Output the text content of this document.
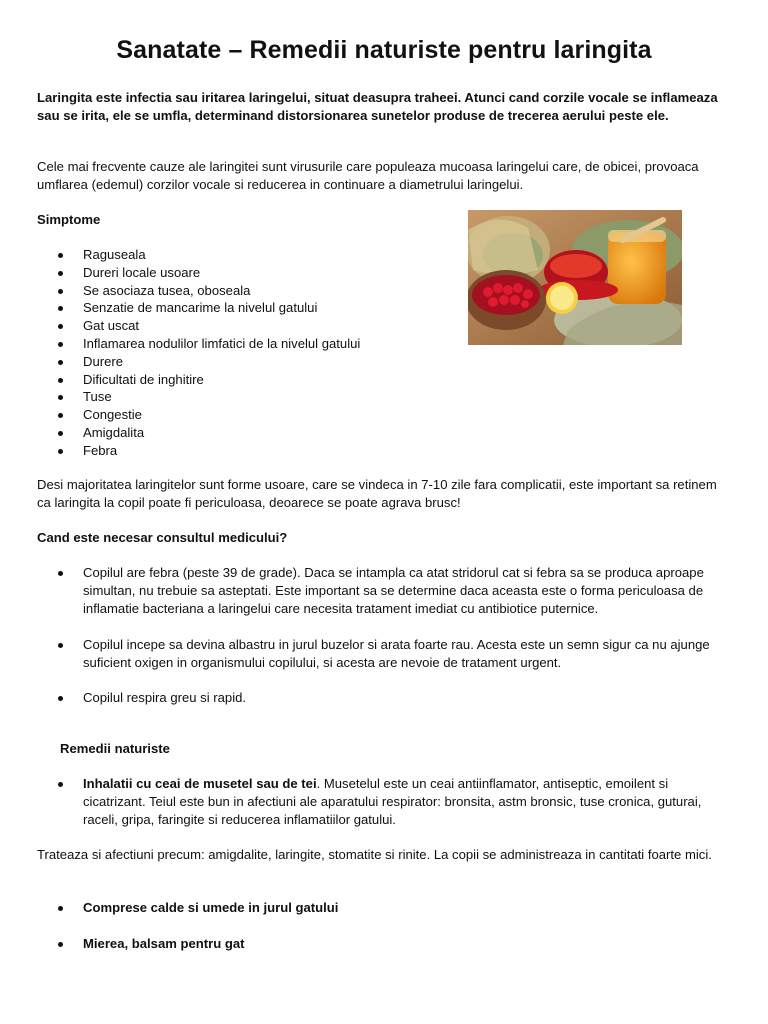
Sanatate – Remedii naturiste pentru laringita

Laringita este infectia sau iritarea laringelui, situat deasupra traheei. Atunci cand corzile vocale se inflameaza sau se irita, ele se umfla, determinand distorsionarea sunetelor produse de trecerea aerului peste ele.

Cele mai frecvente cauze ale laringitei sunt virusurile care populeaza mucoasa laringelui care, de obicei, provoaca umflarea (edemul) corzilor vocale si reducerea in continuare a diametrului laringelui.

Simptome

Raguseala
Dureri locale usoare
Se asociaza tusea, oboseala
Senzatie de mancarime la nivelul gatului
Gat uscat
Inflamarea nodulilor limfatici de la nivelul gatului
Durere
Dificultati de inghitire
Tuse
Congestie
Amigdalita
Febra

Desi majoritatea laringitelor sunt forme usoare, care se vindeca in 7-10 zile fara complicatii, este important sa retinem ca laringita la copil poate fi periculoasa, deoarece se poate agrava brusc!

Cand este necesar consultul medicului?

Copilul are febra (peste 39 de grade). Daca se intampla ca atat stridorul cat si febra sa se produca aproape simultan, nu trebuie sa asteptati. Este important sa se determine daca aceasta este o forma periculoasa de inflamatie bacteriana a laringelui care necesita tratament imediat cu antibiotice puternice.
Copilul incepe sa devina albastru in jurul buzelor si arata foarte rau. Acesta este un semn sigur ca nu ajunge suficient oxigen in organismului copilului, si acesta are nevoie de tratament urgent.
Copilul respira greu si rapid.

Remedii naturiste

Inhalatii cu ceai de musetel sau de tei. Musetelul este un ceai antiinflamator, antiseptic, emoilent si cicatrizant. Teiul este bun in afectiuni ale aparatului respirator: bronsita, astm bronsic, tuse cronica, guturai, raceli, gripa, faringite si reducerea inflamatiilor gatului.

Trateaza si afectiuni precum: amigdalite, laringite, stomatite si rinite. La copii se administreaza in cantitati foarte mici.

Comprese calde si umede in jurul gatului
Mierea, balsam pentru gat
